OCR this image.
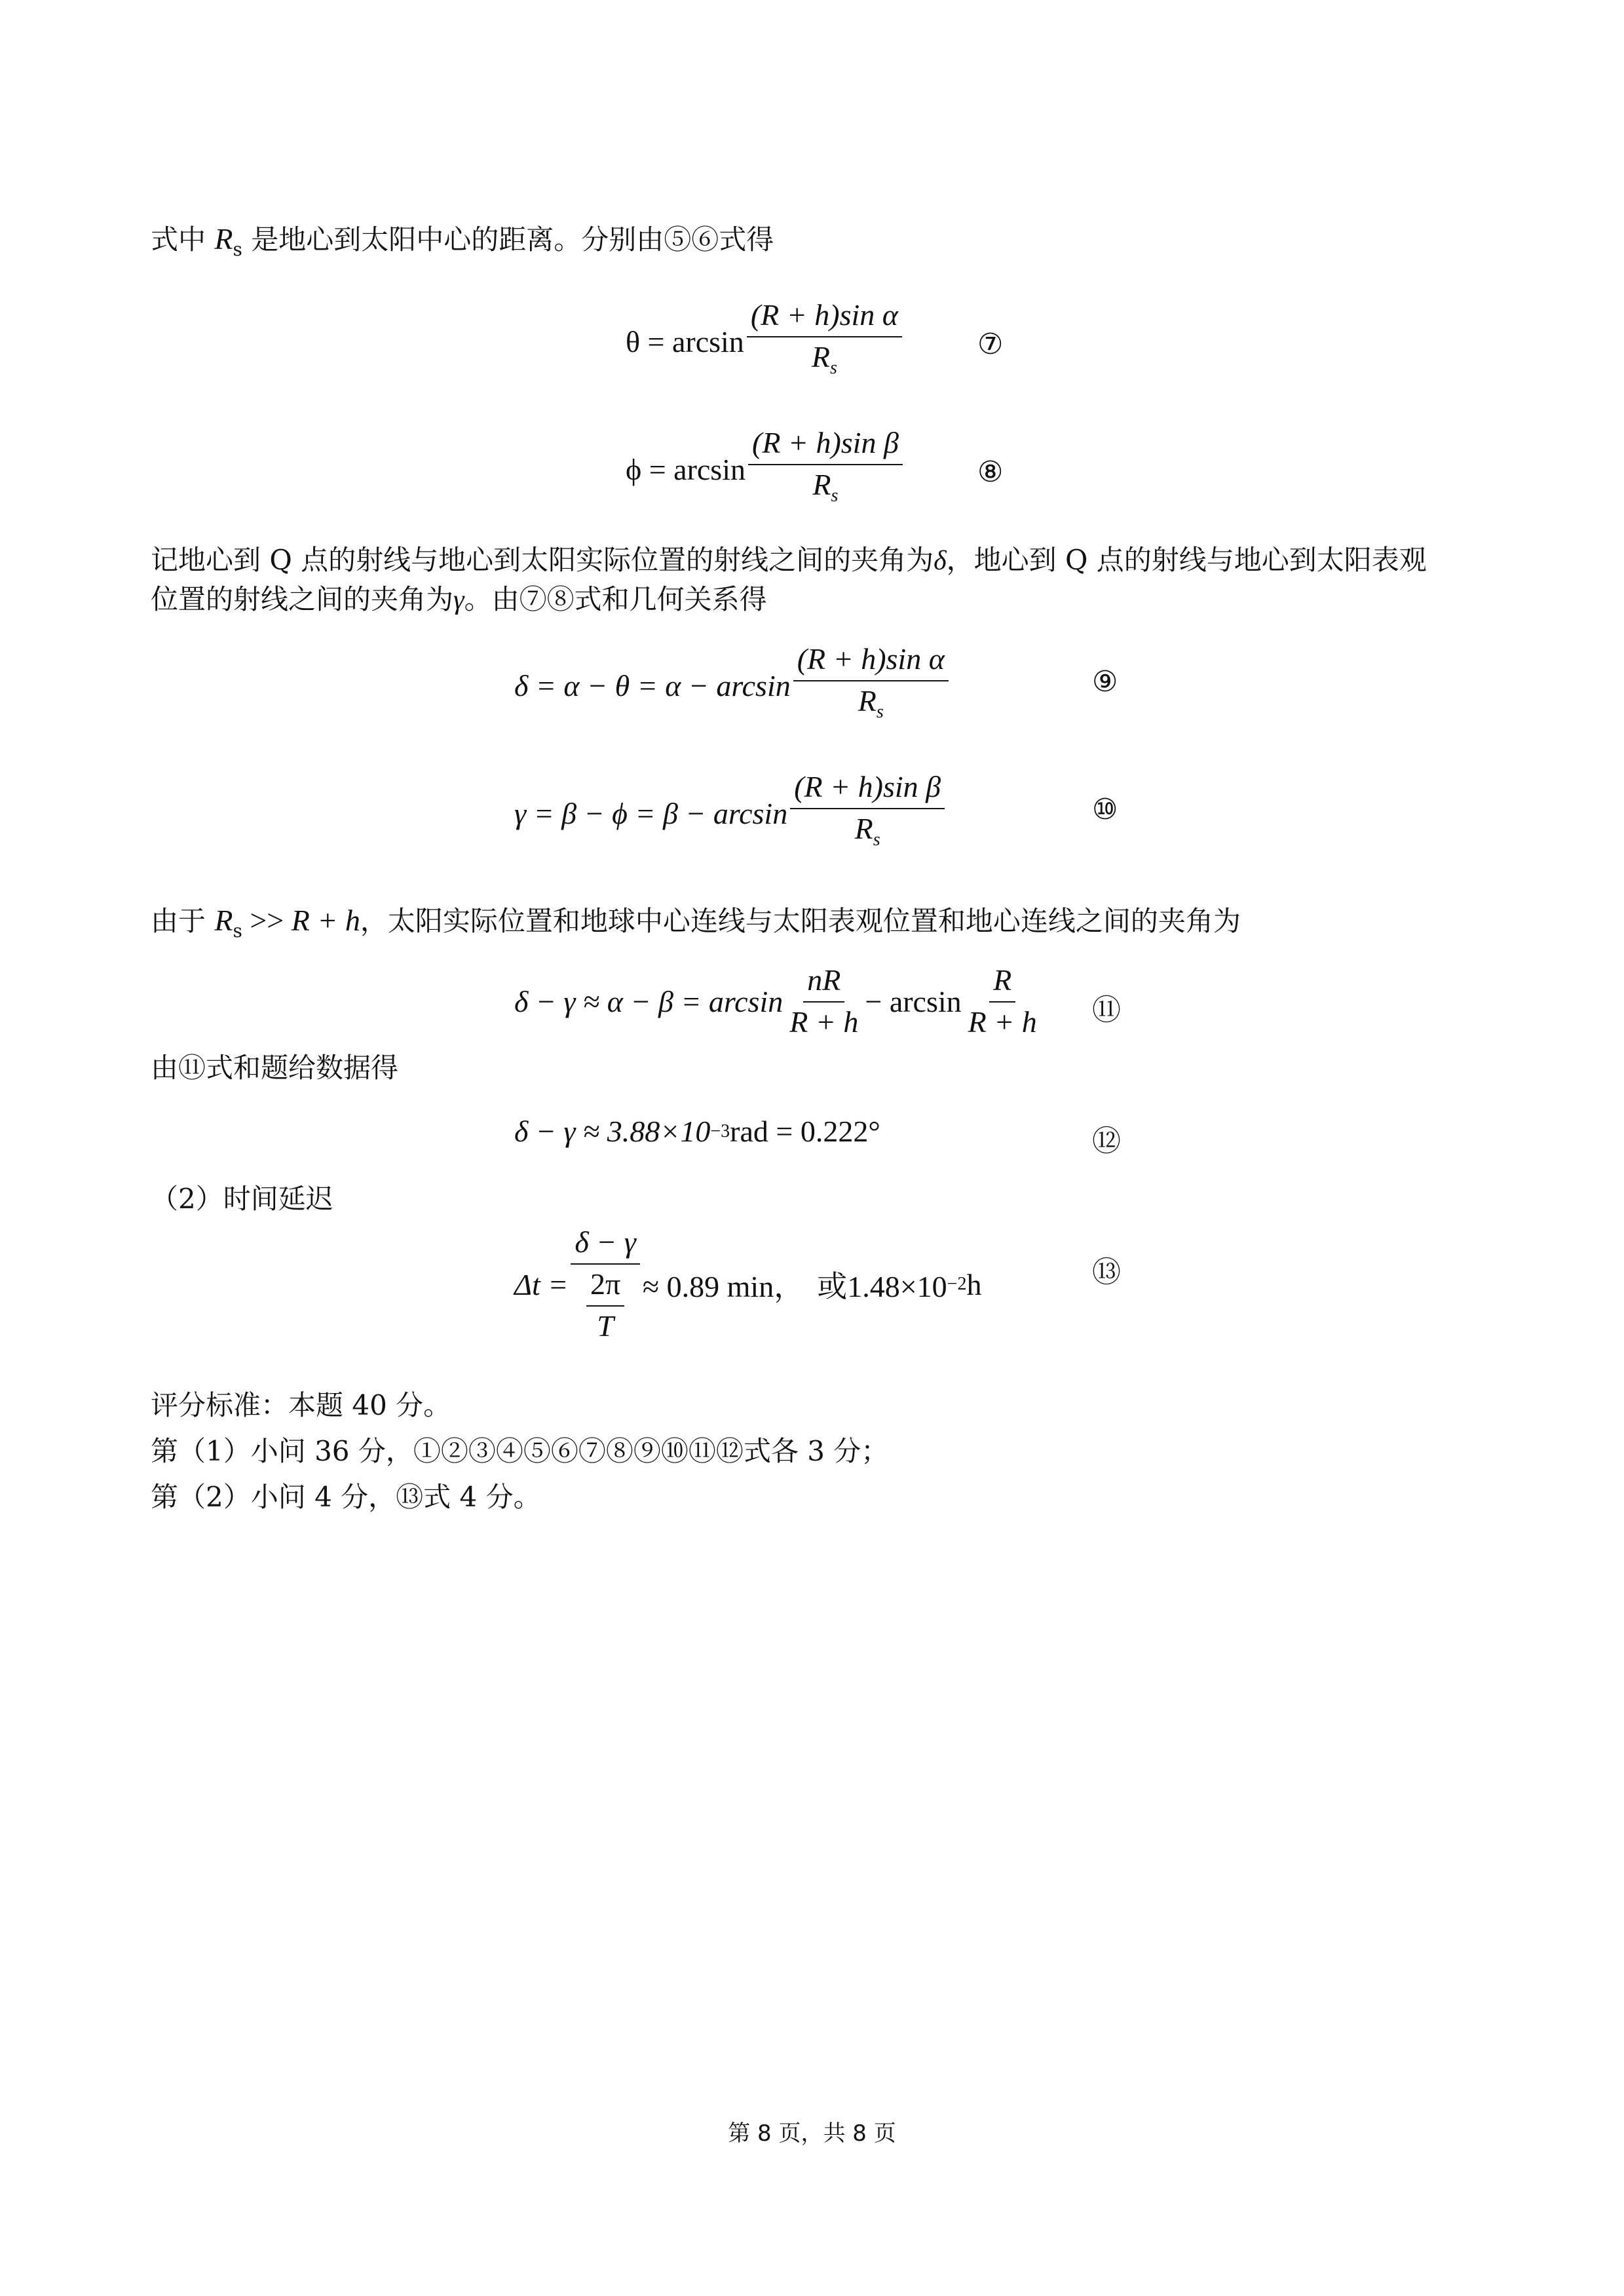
式中 $R_s$ 是地心到太阳中心的距离。分别由⑤⑥式得
$\theta = \arcsin \frac{\text{(R + h)sin α}}{R_s}$	⑦
$\phi = \arcsin \frac{\text{(R + h)sin β}}{R_s}$	⑧
记地心到 Q 点的射线与地心到太阳实际位置的射线之间的夹角为δ，地心到 Q 点的射线与地心到太阳表观
位置的射线之间的夹角为γ。由⑦⑧式和几何关系得
$\delta = \alpha - \theta = \alpha - \arcsin \frac{\text{(R + h)sin α}}{R_s}$	⑨
$\gamma = \beta - \phi = \beta - \arcsin \frac{\text{(R + h)sin β}}{R_s}$	⑩
由于 $R_s >> R + h$，太阳实际位置和地球中心连线与太阳表观位置和地心连线之间的夹角为
$\delta - \gamma \approx \alpha - \beta = \arcsin \frac{nR}{R + h} - \arcsin \frac{R}{R + h}$ ⑪
由⑪式和题给数据得
δ − γ ≈ 3.88×10 −3 rad = 0.222°	⑫
（2）时间延迟
$\Delta t = \frac{\delta - \gamma}{\frac{2\pi}{T}} \approx 0.89$ min， 或1.48×10 −2 h	⑬
评分标准：本题 40 分。
第（1）小问 36 分，①②③④⑤⑥⑦⑧⑨⑩⑪⑫式各 3 分；
第（2）小问 4 分，⑬式 4 分。
第 8 页，共 8 页
